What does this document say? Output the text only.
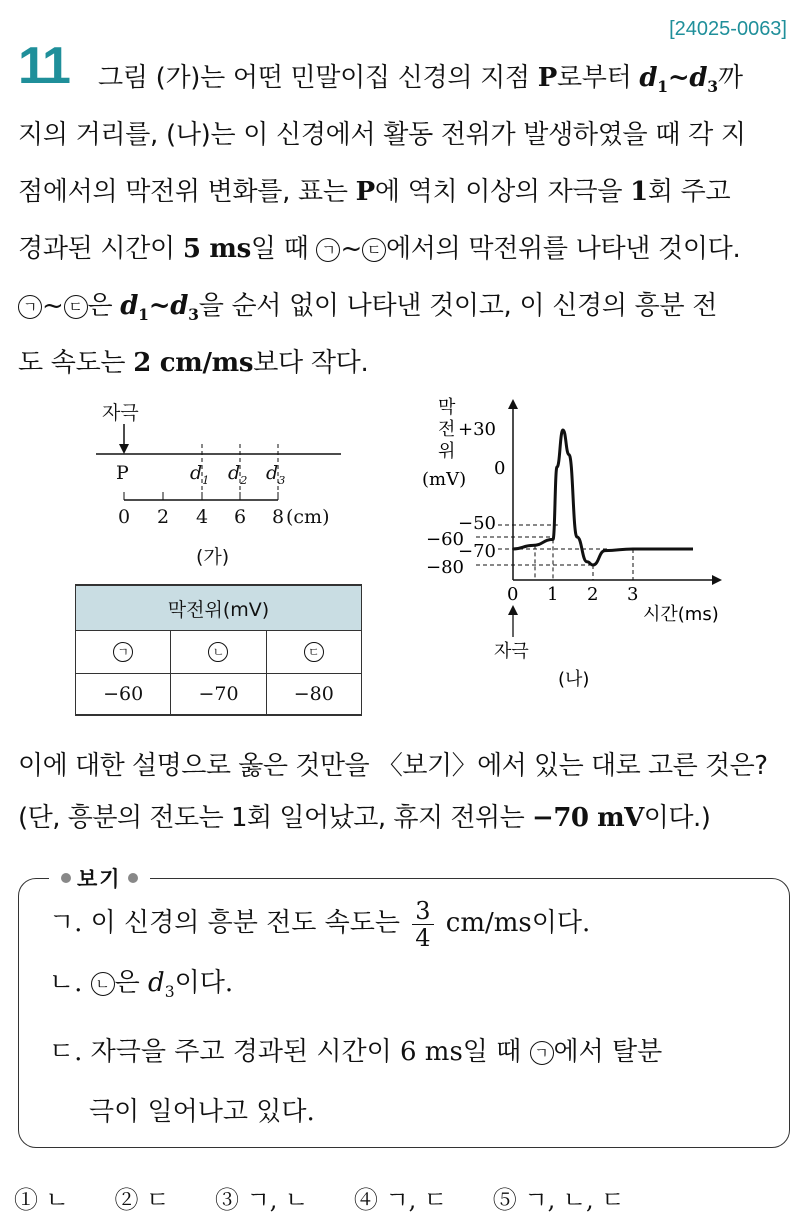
[24025-0063]
11	그림 (가)는 어떤 민말이집 신경의 지점 P로부터 $d_1\sim d_3$까
지의 거리를, (나)는 이 신경에서 활동 전위가 발생하였을 때 각 지
점에서의 막전위 변화를, 표는 P에 역치 이상의 자극을 1회 주고
경과된 시간이 5 ms일 때 ㄱ ~ ㄷ 에서의 막전위를 나타낸 것이다.
ㄱ ~ ㄷ 은 $d_1\sim d_3$을 순서 없이 나타낸 것이고, 이 신경의 흥분 전
도 속도는 2 cm/ms보다 작다.
자극
P	$d_1$ $d_2$ $d_3$
0 2 4 6 8 (cm)
(가)
막전위(mV)		
ㄱ	ㄴ	ㄷ
−60	−70	−80
막
전
위
(mV)
+30
0
−50
−60
−70
−80
0 1 2 3
시간(ms)
자극
(나)
이에 대한 설명으로 옳은 것만을 〈보기〉에서 있는 대로 고른 것은?
(단, 흥분의 전도는 1회 일어났고, 휴지 전위는 −70 mV이다.)
보기
ㄱ. 이 신경의 흥분 전도 속도는 $\frac{3}{4} cm/ms$이다.
ㄴ. ㄴ 은 $d_3$이다.
ㄷ. 자극을 주고 경과된 시간이 6 ms일 때 ㄱ 에서 탈분
극이 일어나고 있다.
① ㄴ ② ㄷ ③ ㄱ, ㄴ ④ ㄱ, ㄷ ⑤ ㄱ, ㄴ, ㄷ
